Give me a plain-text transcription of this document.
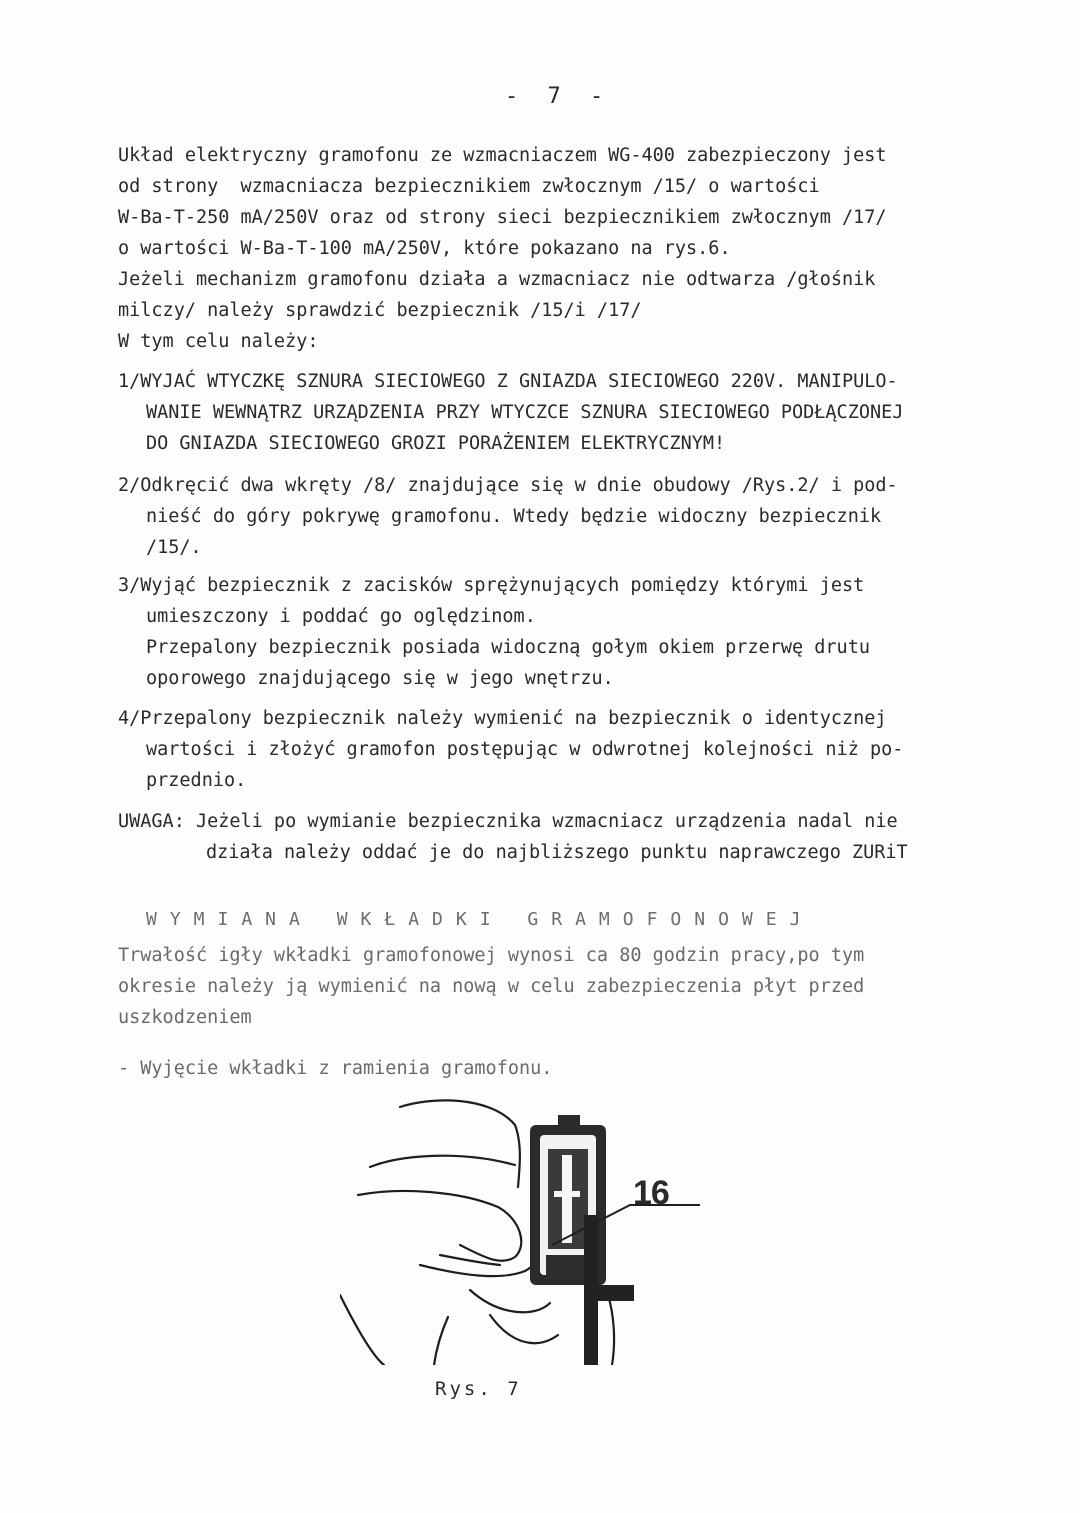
- 7 -
Układ elektryczny gramofonu ze wzmacniaczem WG-400 zabezpieczony jest
od strony  wzmacniacza bezpiecznikiem zwłocznym /15/ o wartości
W-Ba-T-250 mA/250V oraz od strony sieci bezpiecznikiem zwłocznym /17/
o wartości W-Ba-T-100 mA/250V, które pokazano na rys.6.
Jeżeli mechanizm gramofonu działa a wzmacniacz nie odtwarza /głośnik
milczy/ należy sprawdzić bezpiecznik /15/i /17/
W tym celu należy:
1/WYJAĆ WTYCZKĘ SZNURA SIECIOWEGO Z GNIAZDA SIECIOWEGO 220V. MANIPULO-
WANIE WEWNĄTRZ URZĄDZENIA PRZY WTYCZCE SZNURA SIECIOWEGO PODŁĄCZONEJ
DO GNIAZDA SIECIOWEGO GROZI PORAŻENIEM ELEKTRYCZNYM!
2/Odkręcić dwa wkręty /8/ znajdujące się w dnie obudowy /Rys.2/ i pod-
nieść do góry pokrywę gramofonu. Wtedy będzie widoczny bezpiecznik
/15/.
3/Wyjąć bezpiecznik z zacisków sprężynujących pomiędzy którymi jest
umieszczony i poddać go oględzinom.
Przepalony bezpiecznik posiada widoczną gołym okiem przerwę drutu
oporowego znajdującego się w jego wnętrzu.
4/Przepalony bezpiecznik należy wymienić na bezpiecznik o identycznej
wartości i złożyć gramofon postępując w odwrotnej kolejności niż po-
przednio.
UWAGA: Jeżeli po wymianie bezpiecznika wzmacniacz urządzenia nadal nie
działa należy oddać je do najbliższego punktu naprawczego ZURiT
WYMIANA WKŁADKI GRAMOFONOWEJ
Trwałość igły wkładki gramofonowej wynosi ca 80 godzin pracy,po tym
okresie należy ją wymienić na nową w celu zabezpieczenia płyt przed
uszkodzeniem
- Wyjęcie wkładki z ramienia gramofonu.
16
Rys. 7
